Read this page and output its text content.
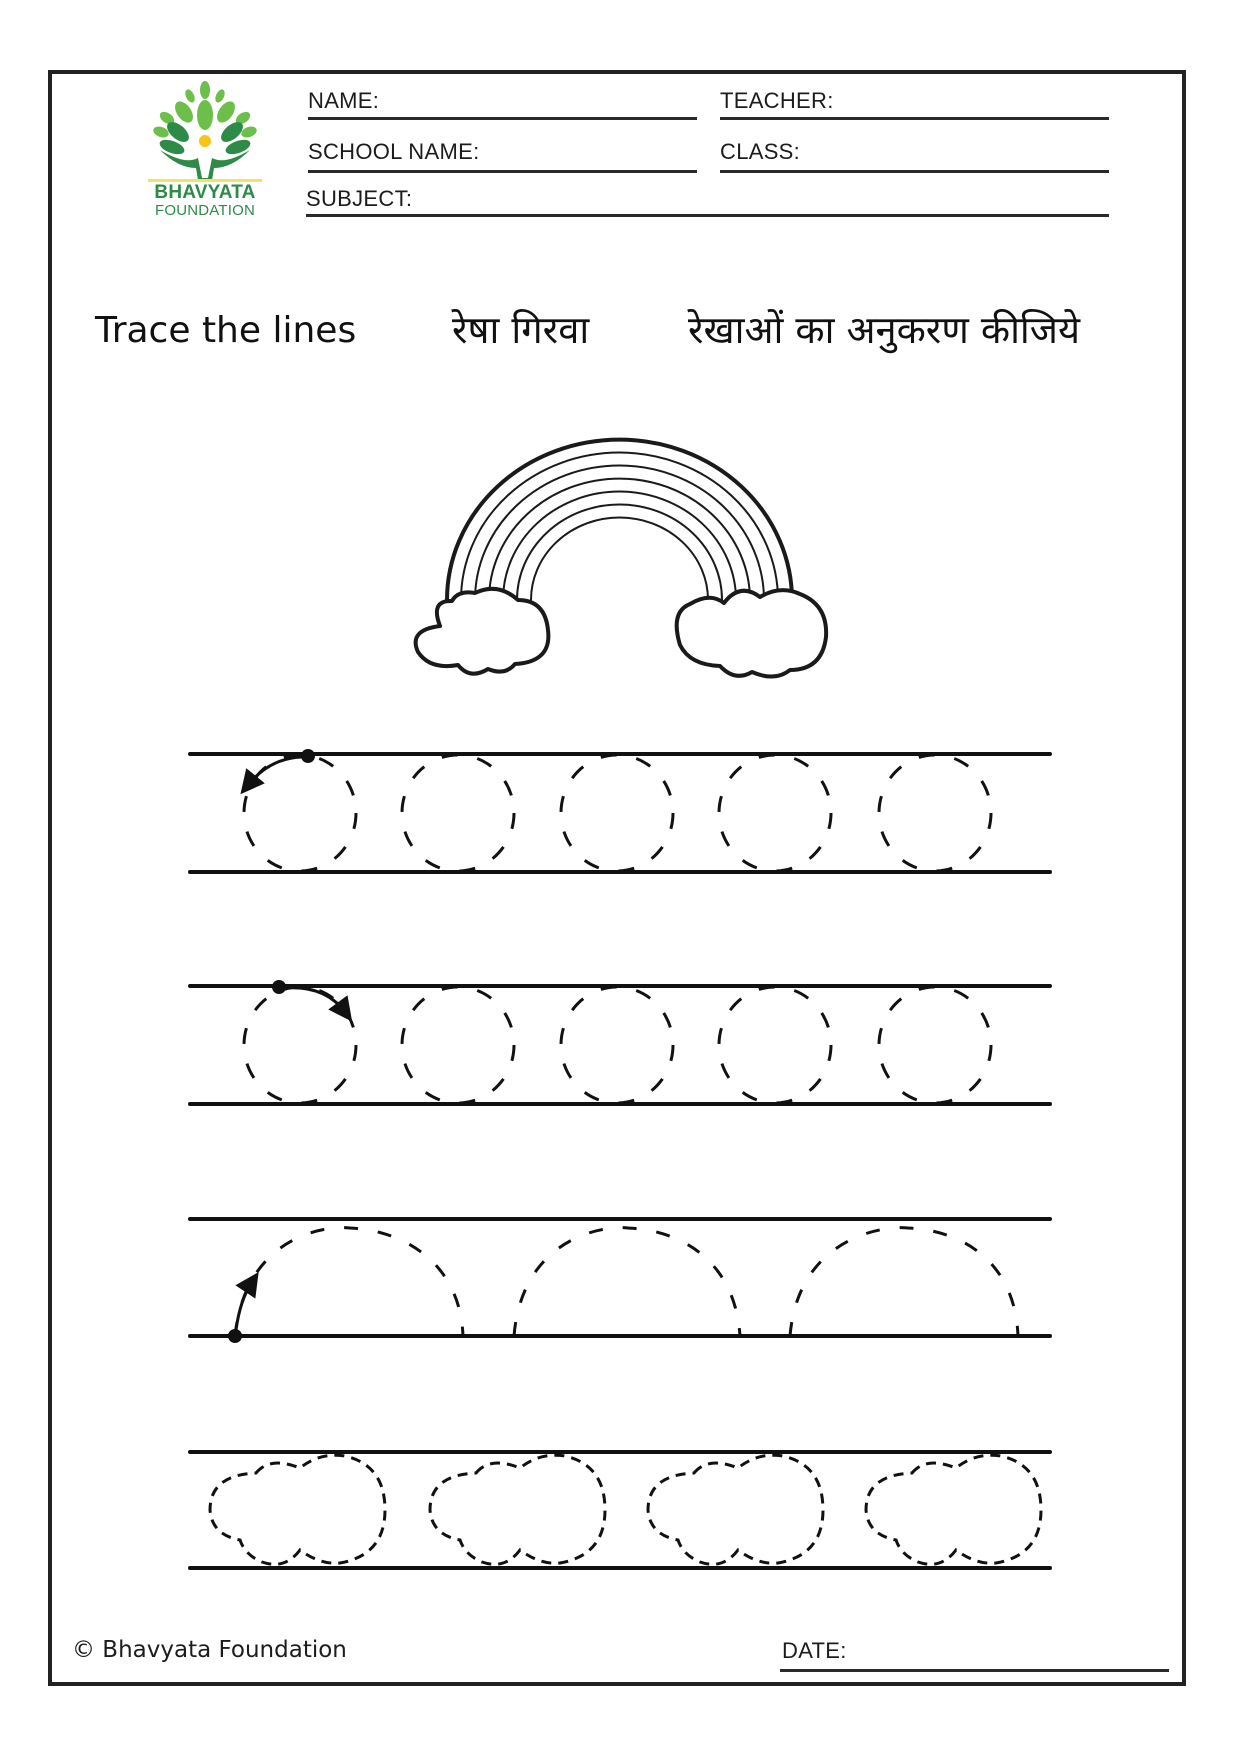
BHAVYATA
FOUNDATION
NAME:	TEACHER:
SCHOOL NAME:	CLASS:
SUBJECT:
Trace the lines	रेषा गिरवा	रेखाओं का अनुकरण कीजिये
© Bhavyata Foundation	DATE:
